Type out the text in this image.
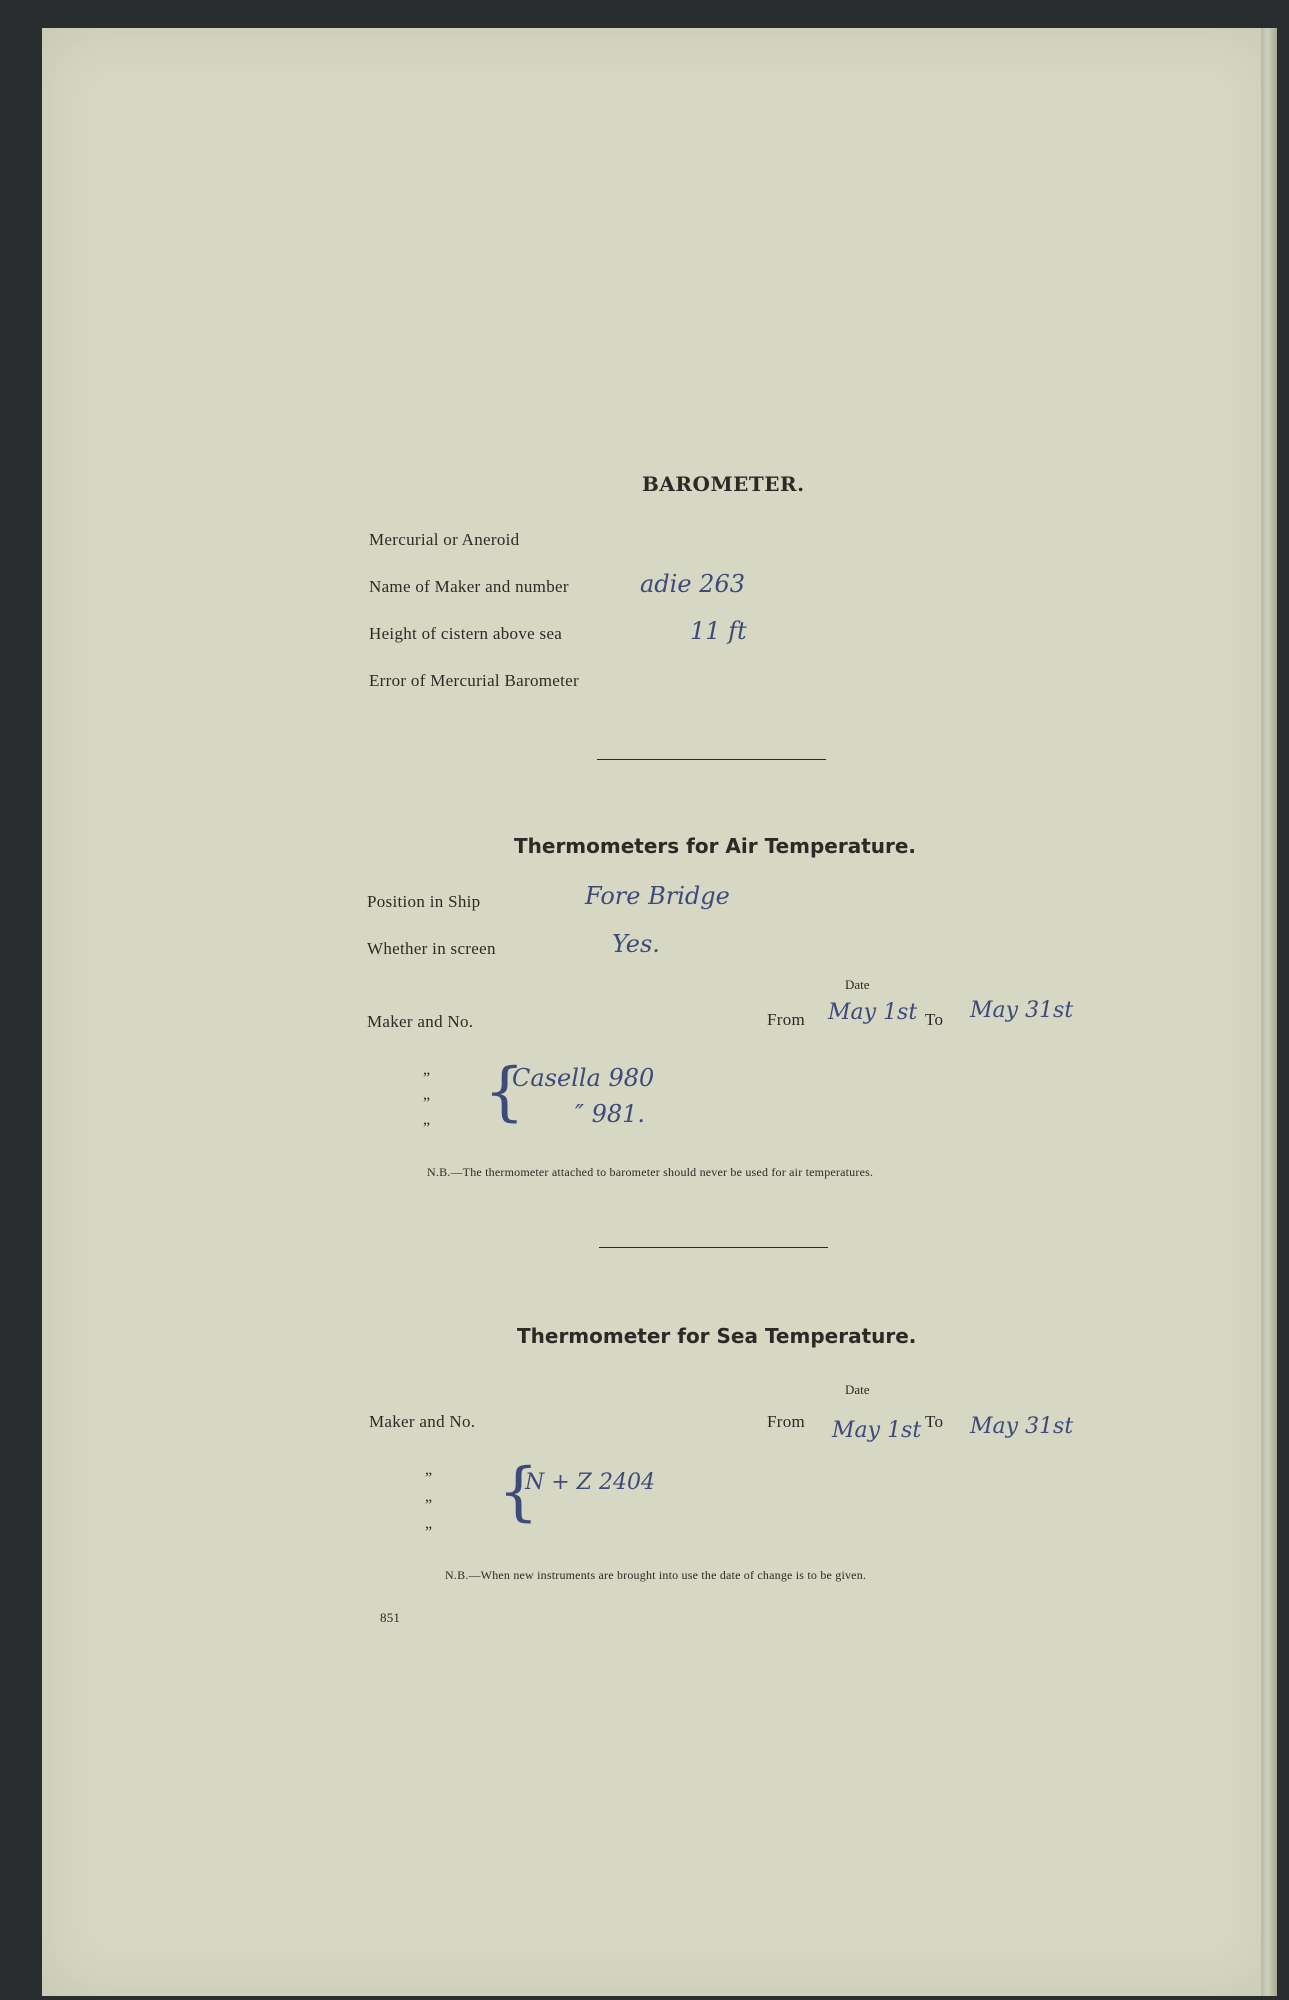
BAROMETER.
Mercurial or Aneroid
Name of Maker and number	adie 263
Height of cistern above sea	11 ft
Error of Mercurial Barometer
Thermometers for Air Temperature.
Position in Ship	Fore Bridge
Whether in screen	Yes.
Date
Maker and No.	From May 1st To May 31st
”
”
” {
Casella 980
″ 981.
N.B.—The thermometer attached to barometer should never be used for air temperatures.
Thermometer for Sea Temperature.
Date
Maker and No.	From May 1st To May 31st
”
”
”
{
N + Z 2404
N.B.—When new instruments are brought into use the date of change is to be given.
851
